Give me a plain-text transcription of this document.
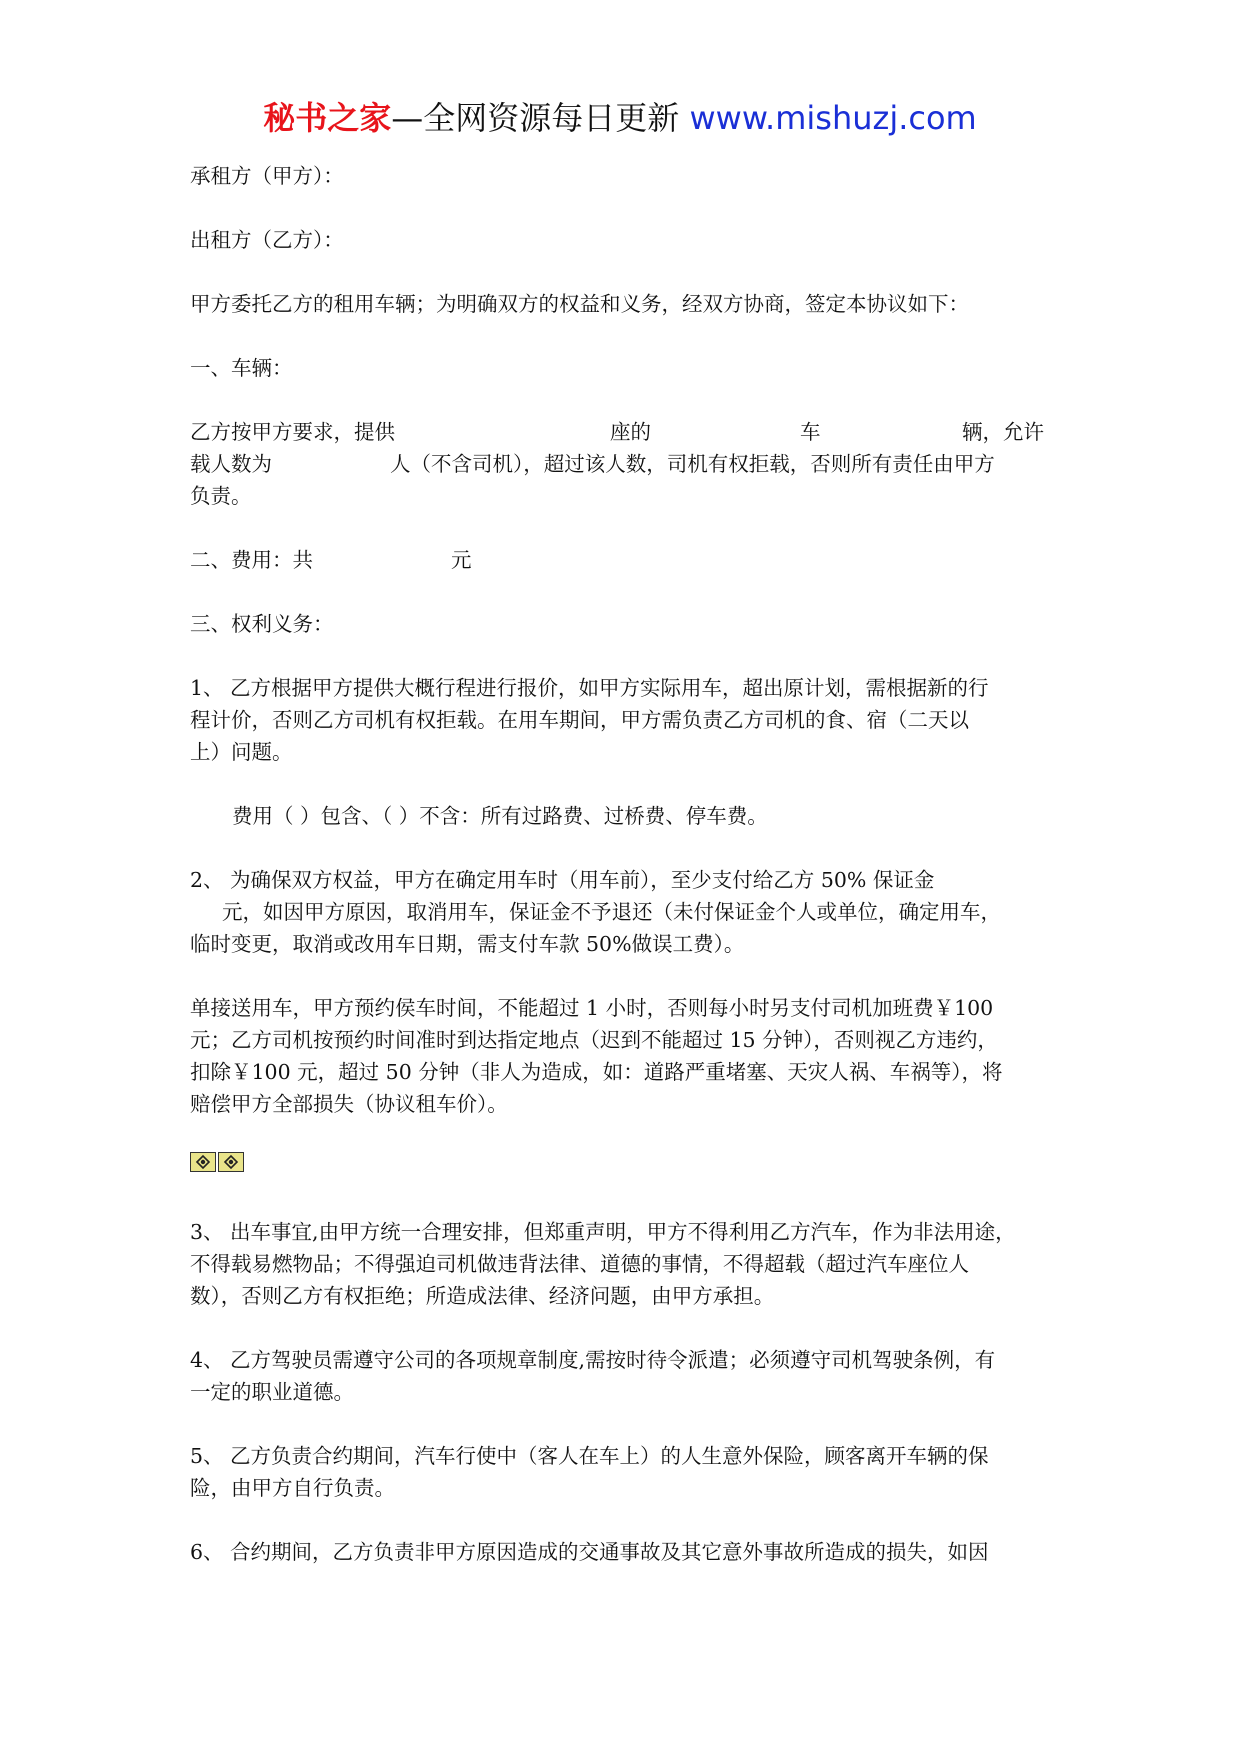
秘书之家—全网资源每日更新 www.mishuzj.com

承租方（甲方）：

出租方（乙方）：

甲方委托乙方的租用车辆；为明确双方的权益和义务，经双方协商，签定本协议如下：

一、车辆：

乙方按甲方要求，提供	座的	车	辆，允许

载人数为	人（不含司机），超过该人数，司机有权拒载，否则所有责任由甲方

负责。

二、费用：共	元

三、权利义务：

1、 乙方根据甲方提供大概行程进行报价，如甲方实际用车，超出原计划，需根据新的行

程计价，否则乙方司机有权拒载。在用车期间，甲方需负责乙方司机的食、宿（二天以

上）问题。

费用（ ）包含、（ ）不含：所有过路费、过桥费、停车费。

2、 为确保双方权益，甲方在确定用车时（用车前），至少支付给乙方 50% 保证金

元，如因甲方原因，取消用车，保证金不予退还（未付保证金个人或单位，确定用车，

临时变更，取消或改用车日期，需支付车款 50%做误工费）。

单接送用车，甲方预约侯车时间，不能超过 1 小时，否则每小时另支付司机加班费￥100

元；乙方司机按预约时间准时到达指定地点（迟到不能超过 15 分钟），否则视乙方违约，

扣除￥100 元，超过 50 分钟（非人为造成，如：道路严重堵塞、天灾人祸、车祸等），将

赔偿甲方全部损失（协议租车价）。

3、 出车事宜,由甲方统一合理安排，但郑重声明，甲方不得利用乙方汽车，作为非法用途，

不得载易燃物品；不得强迫司机做违背法律、道德的事情，不得超载（超过汽车座位人

数），否则乙方有权拒绝；所造成法律、经济问题，由甲方承担。

4、 乙方驾驶员需遵守公司的各项规章制度,需按时待令派遣；必须遵守司机驾驶条例，有

一定的职业道德。

5、 乙方负责合约期间，汽车行使中（客人在车上）的人生意外保险，顾客离开车辆的保

险，由甲方自行负责。

6、 合约期间，乙方负责非甲方原因造成的交通事故及其它意外事故所造成的损失，如因
